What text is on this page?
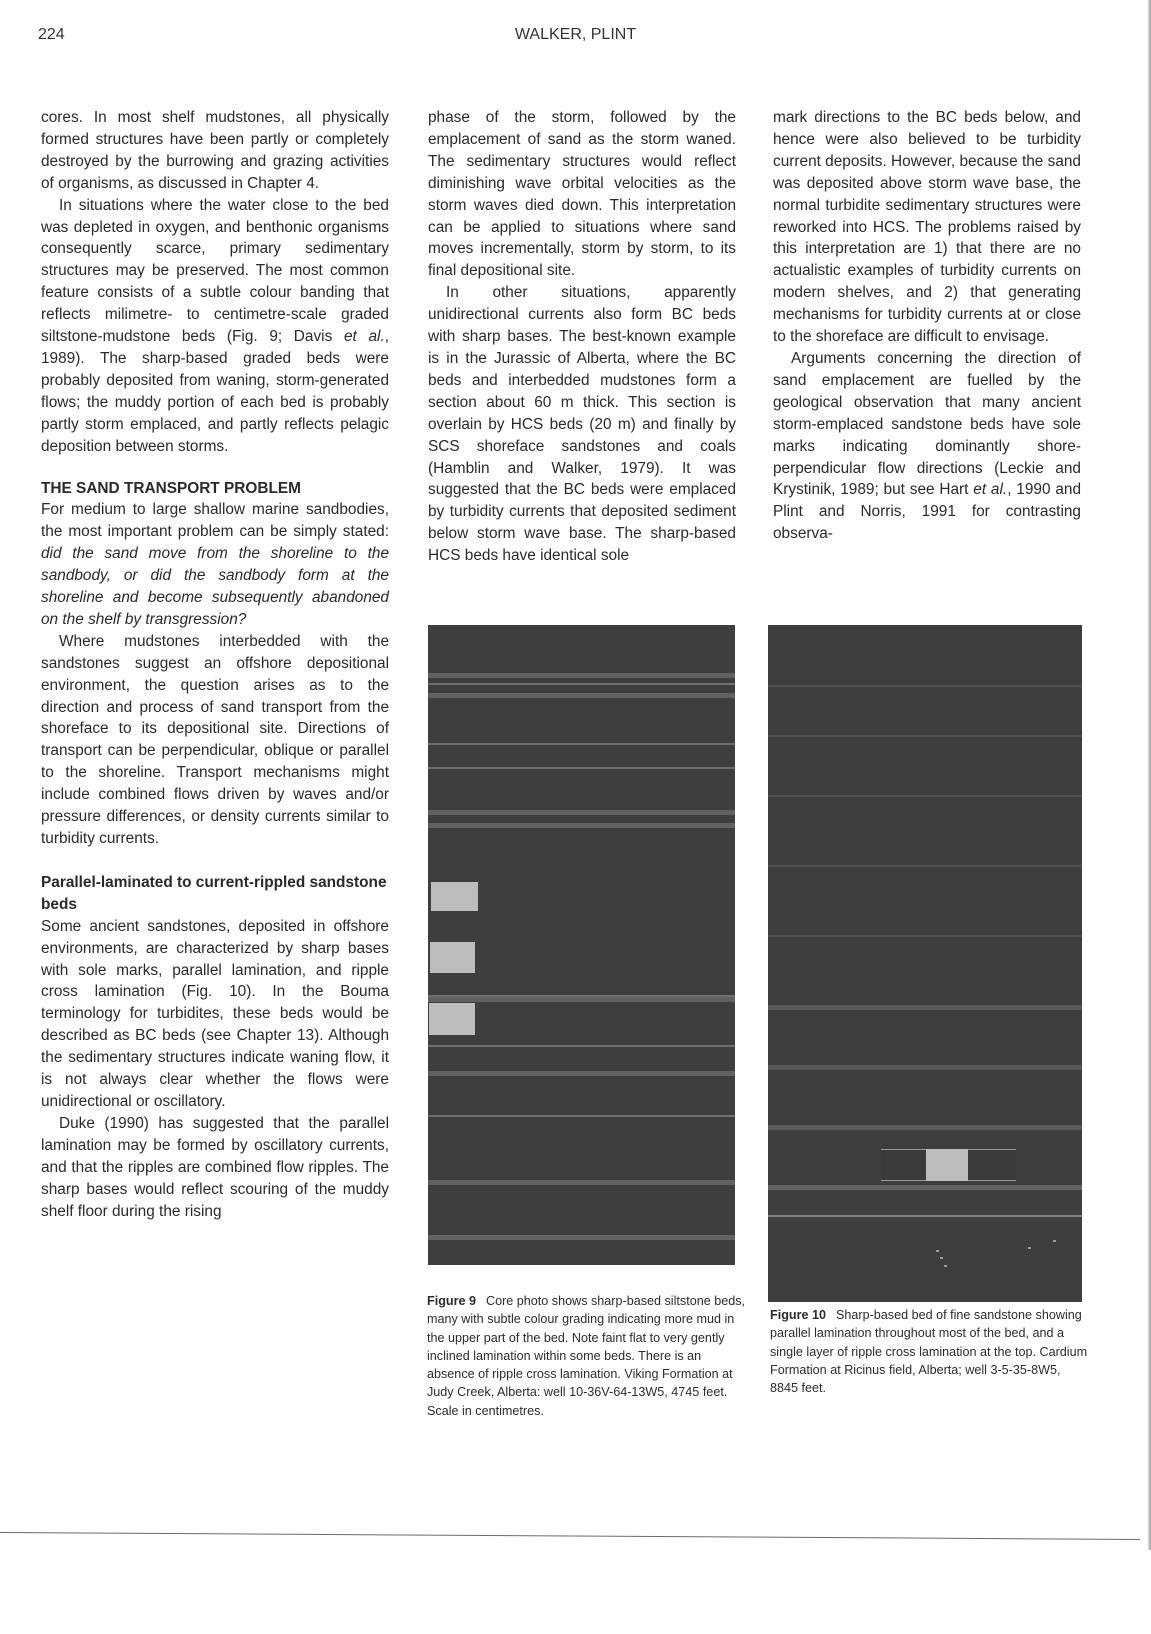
224	WALKER, PLINT

cores. In most shelf mudstones, all physically formed structures have been partly or completely destroyed by the burrowing and grazing activities of organisms, as discussed in Chapter 4.

In situations where the water close to the bed was depleted in oxygen, and benthonic organisms consequently scarce, primary sedimentary structures may be preserved. The most common feature consists of a subtle colour banding that reflects milimetre- to centimetre-scale graded siltstone-mudstone beds (Fig. 9; Davis et al., 1989). The sharp-based graded beds were probably deposited from waning, storm-generated flows; the muddy portion of each bed is probably partly storm emplaced, and partly reflects pelagic deposition between storms.

THE SAND TRANSPORT PROBLEM

For medium to large shallow marine sandbodies, the most important problem can be simply stated: did the sand move from the shoreline to the sandbody, or did the sandbody form at the shoreline and become subsequently abandoned on the shelf by transgression?

Where mudstones interbedded with the sandstones suggest an offshore depositional environment, the question arises as to the direction and process of sand transport from the shoreface to its depositional site. Directions of transport can be perpendicular, oblique or parallel to the shoreline. Transport mechanisms might include combined flows driven by waves and/or pressure differences, or density currents similar to turbidity currents.

Parallel-laminated to current-rippled sandstone beds

Some ancient sandstones, deposited in offshore environments, are characterized by sharp bases with sole marks, parallel lamination, and ripple cross lamination (Fig. 10). In the Bouma terminology for turbidites, these beds would be described as BC beds (see Chapter 13). Although the sedimentary structures indicate waning flow, it is not always clear whether the flows were unidirectional or oscillatory.

Duke (1990) has suggested that the parallel lamination may be formed by oscillatory currents, and that the ripples are combined flow ripples. The sharp bases would reflect scouring of the muddy shelf floor during the rising

phase of the storm, followed by the emplacement of sand as the storm waned. The sedimentary structures would reflect diminishing wave orbital velocities as the storm waves died down. This interpretation can be applied to situations where sand moves incrementally, storm by storm, to its final depositional site.

In other situations, apparently unidirectional currents also form BC beds with sharp bases. The best-known example is in the Jurassic of Alberta, where the BC beds and interbedded mudstones form a section about 60 m thick. This section is overlain by HCS beds (20 m) and finally by SCS shoreface sandstones and coals (Hamblin and Walker, 1979). It was suggested that the BC beds were emplaced by turbidity currents that deposited sediment below storm wave base. The sharp-based HCS beds have identical sole

mark directions to the BC beds below, and hence were also believed to be turbidity current deposits. However, because the sand was deposited above storm wave base, the normal turbidite sedimentary structures were reworked into HCS. The problems raised by this interpretation are 1) that there are no actualistic examples of turbidity currents on modern shelves, and 2) that generating mechanisms for turbidity currents at or close to the shoreface are difficult to envisage.

Arguments concerning the direction of sand emplacement are fuelled by the geological observation that many ancient storm-emplaced sandstone beds have sole marks indicating dominantly shore-perpendicular flow directions (Leckie and Krystinik, 1989; but see Hart et al., 1990 and Plint and Norris, 1991 for contrasting observa-

Figure 9 Core photo shows sharp-based siltstone beds, many with subtle colour grading indicating more mud in the upper part of the bed. Note faint flat to very gently inclined lamination within some beds. There is an absence of ripple cross lamination. Viking Formation at Judy Creek, Alberta: well 10-36V-64-13W5, 4745 feet. Scale in centimetres.
Figure 10 Sharp-based bed of fine sandstone showing parallel lamination throughout most of the bed, and a single layer of ripple cross lamination at the top. Cardium Formation at Ricinus field, Alberta; well 3-5-35-8W5, 8845 feet.
